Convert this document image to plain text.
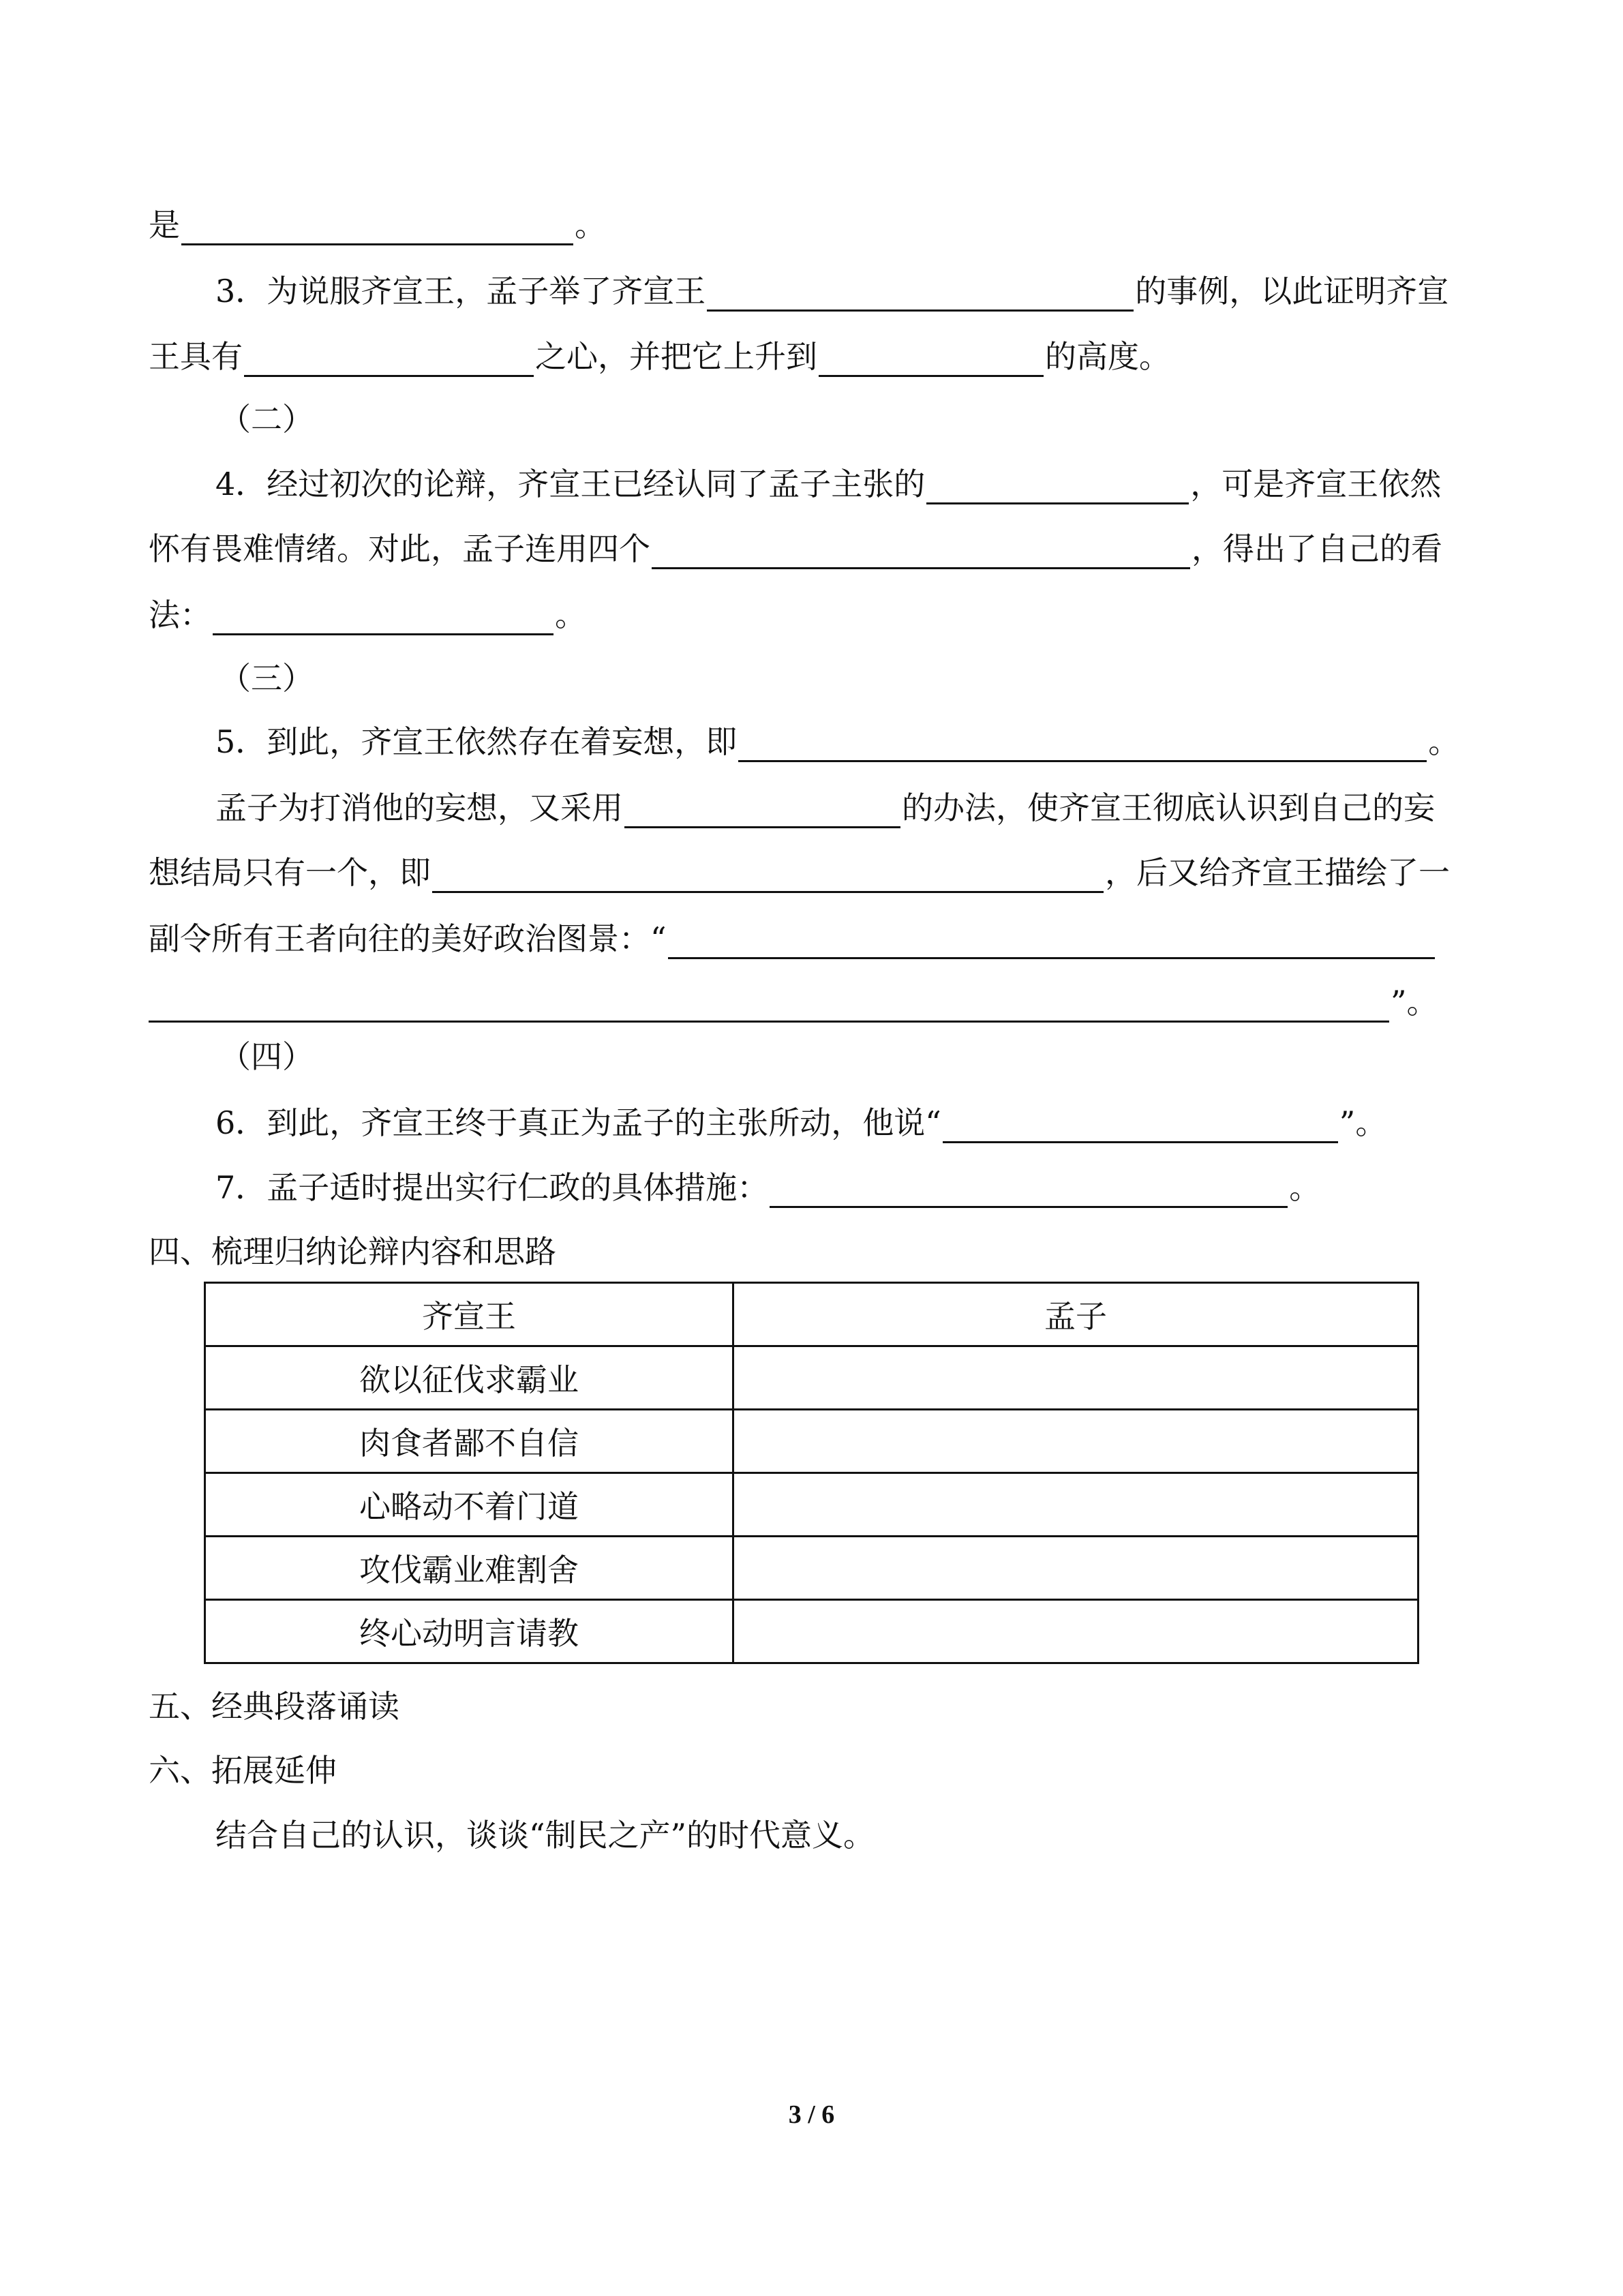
是	。
3．为说服齐宣王，孟子举了齐宣王	的事例，以此证明齐宣
王具有	之心，并把它上升到	的高度。
（二）
4．经过初次的论辩，齐宣王已经认同了孟子主张的	，可是齐宣王依然
怀有畏难情绪。对此，孟子连用四个	，得出了自己的看
法：	。
（三）
5．到此，齐宣王依然存在着妄想，即	。
孟子为打消他的妄想，又采用	的办法，使齐宣王彻底认识到自己的妄
想结局只有一个，即	，后又给齐宣王描绘了一
副令所有王者向往的美好政治图景：“
”。
（四）
6．到此，齐宣王终于真正为孟子的主张所动，他说“	”。
7．孟子适时提出实行仁政的具体措施：	。
四、梳理归纳论辩内容和思路
齐宣王	孟子
欲以征伐求霸业	
肉食者鄙不自信	
心略动不着门道	
攻伐霸业难割舍	
终心动明言请教	
五、经典段落诵读
六、拓展延伸
结合自己的认识，谈谈“制民之产”的时代意义。
3 / 6
